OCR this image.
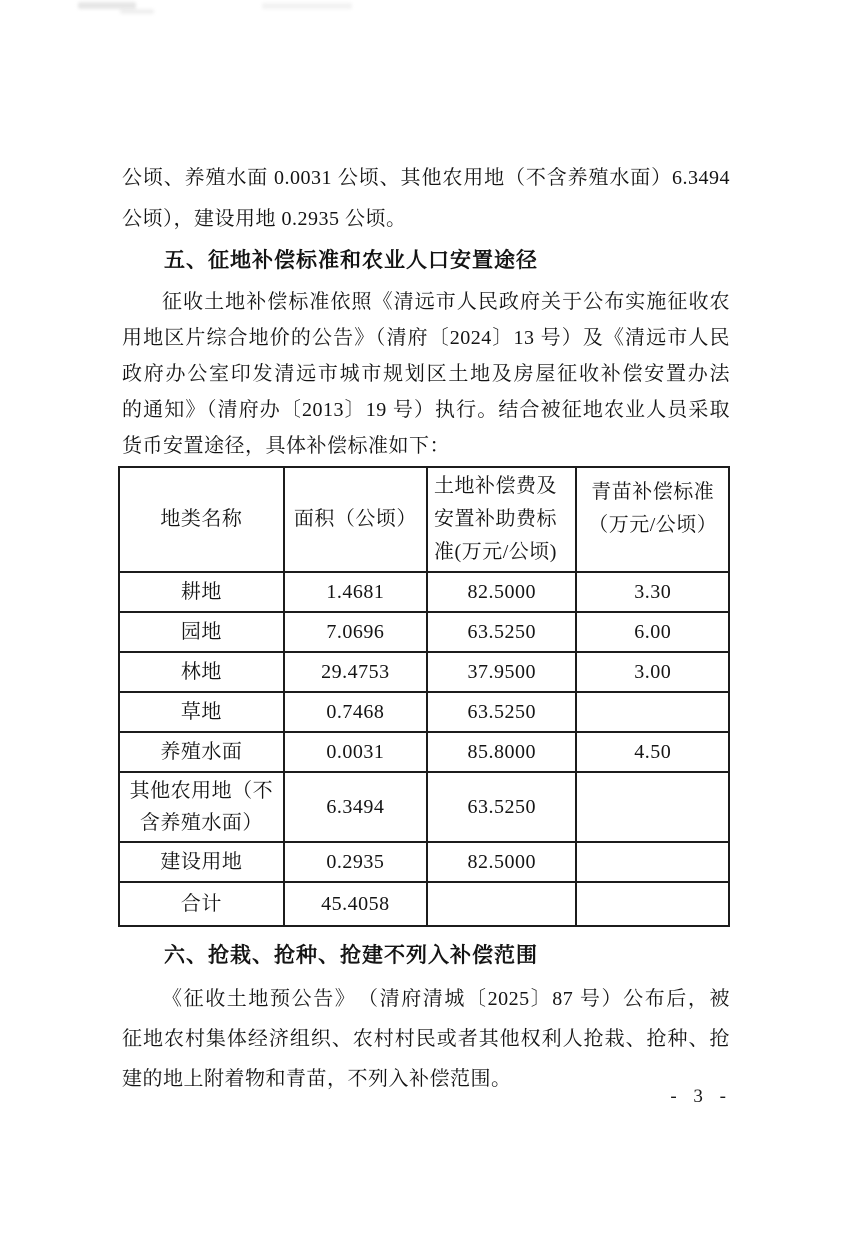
公顷、养殖水面 0.0031 公顷、其他农用地（不含养殖水面）6.3494
公顷），建设用地 0.2935 公顷。
五、征地补偿标准和农业人口安置途径
征收土地补偿标准依照《清远市人民政府关于公布实施征收农
用地区片综合地价的公告》（清府〔2024〕13 号）及《清远市人民
政府办公室印发清远市城市规划区土地及房屋征收补偿安置办法
的通知》（清府办〔2013〕19 号）执行。结合被征地农业人员采取
货币安置途径，具体补偿标准如下：
地类名称	面积（公顷）	土地补偿费及安置补助费标准(万元/公顷)	青苗补偿标准（万元/公顷）
耕地	1.4681	82.5000	3.30
园地	7.0696	63.5250	6.00
林地	29.4753	37.9500	3.00
草地	0.7468	63.5250	
养殖水面	0.0031	85.8000	4.50
其他农用地（不含养殖水面）	6.3494	63.5250	
建设用地	0.2935	82.5000	
合计	45.4058		
六、抢栽、抢种、抢建不列入补偿范围
《征收土地预公告》　（清府清城〔2025〕87 号）公布后，被
征地农村集体经济组织、农村村民或者其他权利人抢栽、抢种、抢
建的地上附着物和青苗，不列入补偿范围。
- 3 -
